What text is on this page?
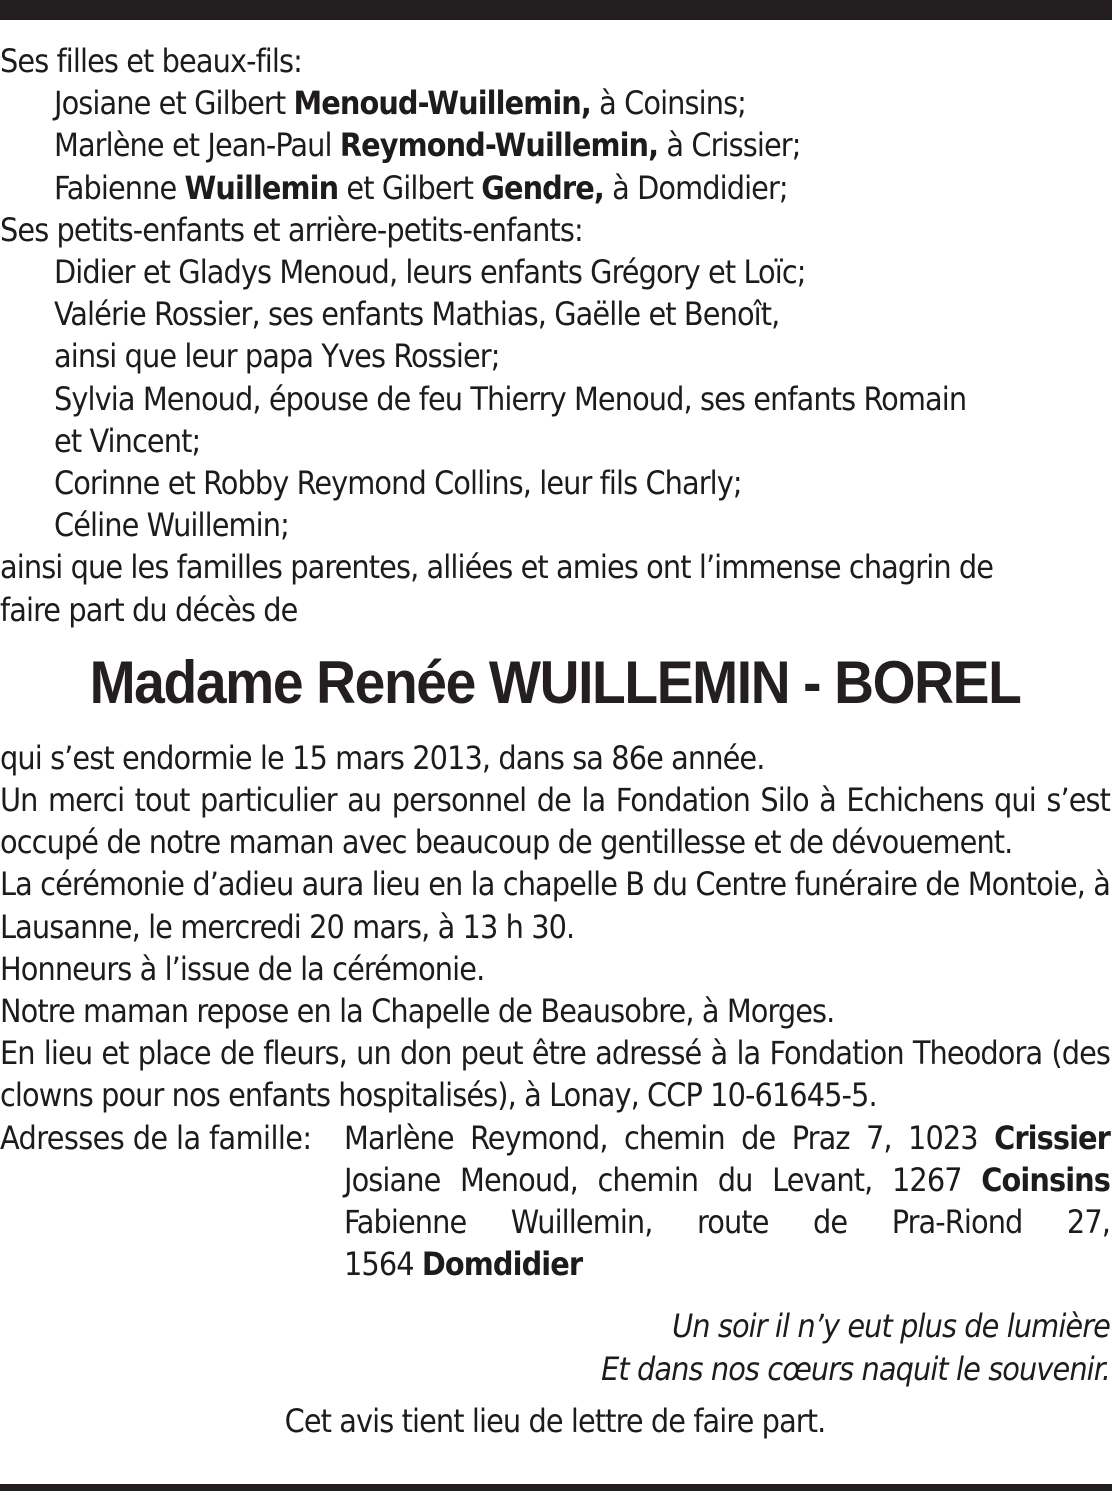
Ses filles et beaux-fils:
Josiane et Gilbert Menoud-Wuillemin, à Coinsins;
Marlène et Jean-Paul Reymond-Wuillemin, à Crissier;
Fabienne Wuillemin et Gilbert Gendre, à Domdidier;
Ses petits-enfants et arrière-petits-enfants:
Didier et Gladys Menoud, leurs enfants Grégory et Loïc;
Valérie Rossier, ses enfants Mathias, Gaëlle et Benoît,
ainsi que leur papa Yves Rossier;
Sylvia Menoud, épouse de feu Thierry Menoud, ses enfants Romain
et Vincent;
Corinne et Robby Reymond Collins, leur fils Charly;
Céline Wuillemin;
ainsi que les familles parentes, alliées et amies ont l’immense chagrin de
faire part du décès de
Madame Renée WUILLEMIN - BOREL
qui s’est endormie le 15 mars 2013, dans sa 86e année.
Un merci tout particulier au personnel de la Fondation Silo à Echichens qui s’est occupé de notre maman avec beaucoup de gentillesse et de dévouement.
La cérémonie d’adieu aura lieu en la chapelle B du Centre funéraire de Montoie, à Lausanne, le mercredi 20 mars, à 13 h 30.
Honneurs à l’issue de la cérémonie.
Notre maman repose en la Chapelle de Beausobre, à Morges.
En lieu et place de fleurs, un don peut être adressé à la Fondation Theodora (des clowns pour nos enfants hospitalisés), à Lonay, CCP 10-61645-5.
Adresses de la famille:	Marlène Reymond, chemin de Praz 7, 1023 Crissier
Josiane Menoud, chemin du Levant, 1267 Coinsins
Fabienne Wuillemin, route de Pra-Riond 27,
1564 Domdidier
Un soir il n’y eut plus de lumière
Et dans nos cœurs naquit le souvenir.
Cet avis tient lieu de lettre de faire part.
